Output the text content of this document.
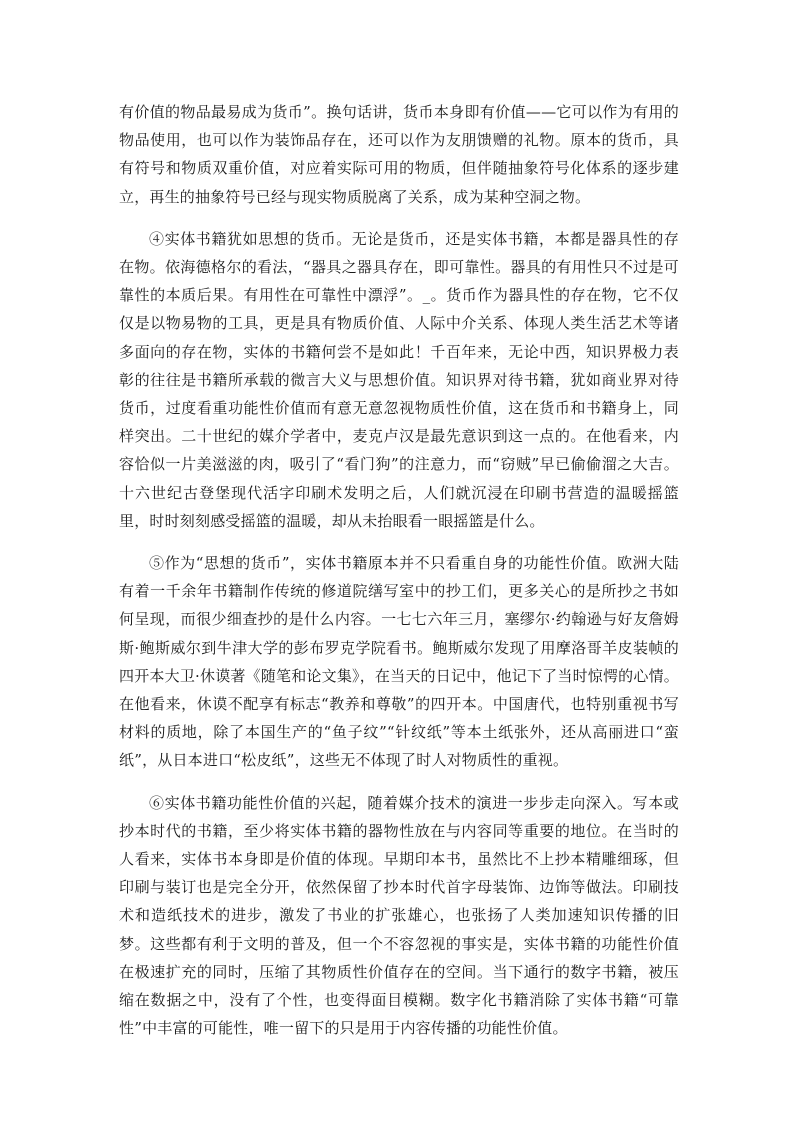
有价值的物品最易成为货币”。换句话讲，货币本身即有价值——它可以作为有用的物品使用，也可以作为装饰品存在，还可以作为友朋馈赠的礼物。原本的货币，具有符号和物质双重价值，对应着实际可用的物质，但伴随抽象符号化体系的逐步建立，再生的抽象符号已经与现实物质脱离了关系，成为某种空洞之物。

④实体书籍犹如思想的货币。无论是货币，还是实体书籍，本都是器具性的存在物。依海德格尔的看法，“器具之器具存在，即可靠性。器具的有用性只不过是可靠性的本质后果。有用性在可靠性中漂浮”。_。货币作为器具性的存在物，它不仅仅是以物易物的工具，更是具有物质价值、人际中介关系、体现人类生活艺术等诸多面向的存在物，实体的书籍何尝不是如此！千百年来，无论中西，知识界极力表彰的往往是书籍所承载的微言大义与思想价值。知识界对待书籍，犹如商业界对待货币，过度看重功能性价值而有意无意忽视物质性价值，这在货币和书籍身上，同样突出。二十世纪的媒介学者中，麦克卢汉是最先意识到这一点的。在他看来，内容恰似一片美滋滋的肉，吸引了“看门狗”的注意力，而“窃贼”早已偷偷溜之大吉。十六世纪古登堡现代活字印刷术发明之后，人们就沉浸在印刷书营造的温暖摇篮里，时时刻刻感受摇篮的温暖，却从未抬眼看一眼摇篮是什么。

⑤作为“思想的货币”，实体书籍原本并不只看重自身的功能性价值。欧洲大陆有着一千余年书籍制作传统的修道院缮写室中的抄工们，更多关心的是所抄之书如何呈现，而很少细查抄的是什么内容。一七七六年三月，塞缪尔·约翰逊与好友詹姆斯·鲍斯威尔到牛津大学的彭布罗克学院看书。鲍斯威尔发现了用摩洛哥羊皮装帧的四开本大卫·休谟著《随笔和论文集》，在当天的日记中，他记下了当时惊愕的心情。在他看来，休谟不配享有标志“教养和尊敬”的四开本。中国唐代，也特别重视书写材料的质地，除了本国生产的“鱼子纹”“针纹纸”等本土纸张外，还从高丽进口“蛮纸”，从日本进口“松皮纸”，这些无不体现了时人对物质性的重视。

⑥实体书籍功能性价值的兴起，随着媒介技术的演进一步步走向深入。写本或抄本时代的书籍，至少将实体书籍的器物性放在与内容同等重要的地位。在当时的人看来，实体书本身即是价值的体现。早期印本书，虽然比不上抄本精雕细琢，但印刷与装订也是完全分开，依然保留了抄本时代首字母装饰、边饰等做法。印刷技术和造纸技术的进步，激发了书业的扩张雄心，也张扬了人类加速知识传播的旧梦。这些都有利于文明的普及，但一个不容忽视的事实是，实体书籍的功能性价值在极速扩充的同时，压缩了其物质性价值存在的空间。当下通行的数字书籍，被压缩在数据之中，没有了个性，也变得面目模糊。数字化书籍消除了实体书籍“可靠性”中丰富的可能性，唯一留下的只是用于内容传播的功能性价值。
